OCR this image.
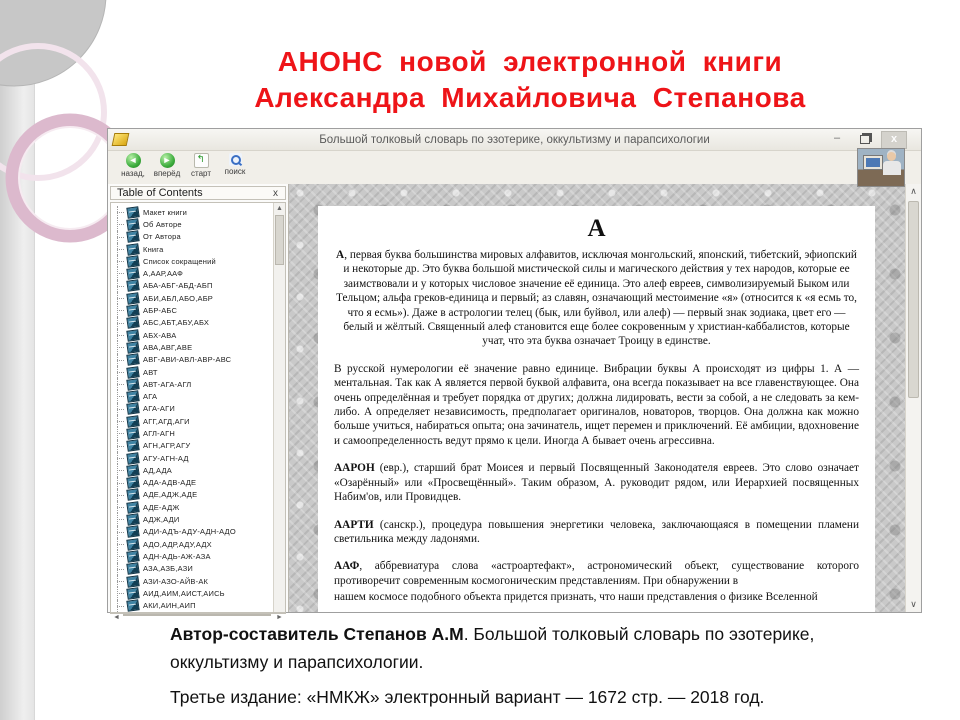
АНОНС новой электронной книги
Александра Михайловича Степанова
Большой толковый словарь по эзотерике, оккультизму и парапсихологии	–	x
◄
назад,
►
вперёд
↰
старт	поиск
Table of Contents	x
Макет книги
Об Авторе
От Автора
Книга
Список сокращений
А,ААР,ААФ
АБА-АБГ-АБД-АБП
АБИ,АБЛ,АБО,АБР
АБР-АБС
АБС,АБТ,АБУ,АБХ
АБХ-АВА
АВА,АВГ,АВЕ
АВГ-АВИ-АВЛ-АВР-АВС
АВТ
АВТ-АГА-АГЛ
АГА
АГА-АГИ
АГГ,АГД,АГИ
АГЛ-АГН
АГН,АГР,АГУ
АГУ-АГН-АД
АД,АДА
АДА-АДВ-АДЕ
АДЕ,АДЖ,АДЕ
АДЕ-АДЖ
АДЖ,АДИ
АДИ-АДЪ-АДУ-АДН-АДО
АДО,АДР,АДУ,АДХ
АДН-АДЬ-АЖ-АЗА
АЗА,АЗБ,АЗИ
АЗИ-АЗО-АЙВ-АК
АИД,АИМ,АИСТ,АИСЬ
АКИ,АИН,АИП
▲
◄	►
А

А, первая буква большинства мировых алфавитов, исключая монгольский, японский, тибетский, эфиопский и некоторые др. Это буква большой мистической силы и магического действия у тех народов, которые ее заимствовали и у которых числовое значение её единица. Это алеф евреев, символизируемый Быком или Тельцом; альфа греков-единица и первый; аз славян, означающий местоимение «я» (относится к «я есмь то, что я есмь»). Даже в астрологии телец (бык, или буйвол, или алеф) — первый знак зодиака, цвет его — белый и жёлтый. Священный алеф становится еще более сокровенным у христиан-каббалистов, которые учат, что эта буква означает Троицу в единстве.

В русской нумерологии её значение равно единице. Вибрации буквы А происходят из цифры 1. А — ментальная. Так как А является первой буквой алфавита, она всегда показывает на все главенствующее. Она очень определённая и требует порядка от других; должна лидировать, вести за собой, а не следовать за кем-либо. А определяет независимость, предполагает оригиналов, новаторов, творцов. Она должна как можно больше учиться, набираться опыта; она зачинатель, ищет перемен и приключений. Её амбиции, вдохновение и самоопределенность ведут прямо к цели. Иногда А бывает очень агрессивна.

ААРОН (евр.), старший брат Моисея и первый Посвященный Законодателя евреев. Это слово означает «Озарённый» или «Просвещённый». Таким образом, А. руководит рядом, или Иерархией посвященных Набим'ов, или Провидцев.

ААРТИ (санскр.), процедура повышения энергетики человека, заключающаяся в помещении пламени светильника между ладонями.

ААФ, аббревиатура слова «астроартефакт», астрономический объект, существование которого противоречит современным космогоническим представлениям. При обнаружении в

нашем космосе подобного объекта придется признать, что наши представления о физике Вселенной
∧
∨

Автор-составитель Степанов А.М. Большой толковый словарь по эзотерике, оккультизму и парапсихологии.

Третье издание: «НМКЖ» электронный вариант — 1672 стр. — 2018 год.
